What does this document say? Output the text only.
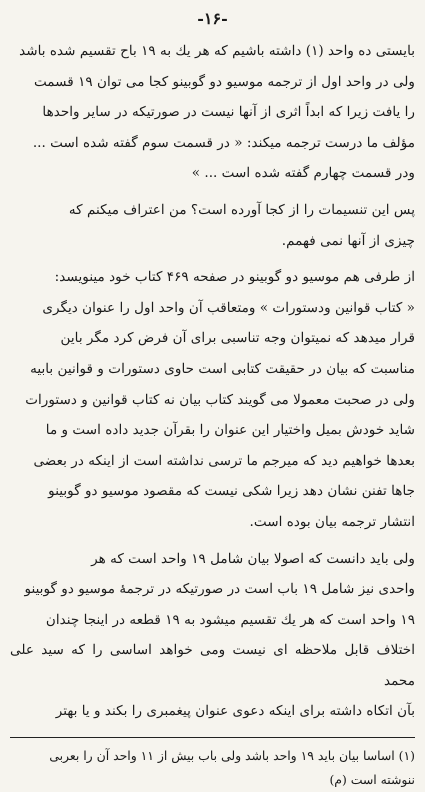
-١۶-

بایستی ده واحد (١) داشته باشیم که هر یك به ١٩ باح تقسیم شده باشد
ولی در واحد اول از ترجمه موسیو دو گوبینو کجا می توان ١٩ قسمت
را یافت زیرا که ابداً اثری از آنها نیست در صورتیکه در سایر واحدها
مؤلف ما درست ترجمه میکند: « در قسمت سوم گفته شده است ...
ودر قسمت چهارم گفته شده است ... »

پس این تنسیمات را از کجا آورده است؟ من اعتراف میکنم که
چیزی از آنها نمی فهمم.

از طرفی هم موسیو دو گوبینو در صفحه ۴۶۹ کتاب خود مینویسد:
« کتاب قوانین ودستورات » ومتعاقب آن واحد اول را عنوان دیگری
قرار میدهد که نمیتوان وجه تناسبی برای آن فرض کرد مگر باین
مناسبت که بیان در حقیقت کتابی است حاوی دستورات و قوانین بابیه
ولی در صحبت معمولا می گویند کتاب بیان نه کتاب قوانین و دستورات
شاید خودش بمیل واختیار این عنوان را بقرآن جدید داده است و ما
بعدها خواهیم دید که میرجم ما ترسی نداشته است از اینکه در بعضی
جاها تفنن نشان دهد زیرا شکی نیست که مقصود موسیو دو گوبینو
انتشار ترجمه بیان بوده است.

ولی باید دانست که اصولا بیان شامل ١٩ واحد است که هر
واحدی نیز شامل ١٩ باب است در صورتیکه در ترجمهٔ موسیو دو گوبینو
١٩ واحد است که هر یك تقسیم میشود به ١٩ قطعه در اینجا چندان
اختلاف قابل ملاحظه ای نیست ومی خواهد اساسی را که سید علی محمد
بآن اتکاه داشته برای اینکه دعوی عنوان پیغمبری را بکند و یا بهتر

(١) اساسا بیان باید ١٩ واحد باشد ولی باب بیش از ١١ واحد آن را بعربی
ننوشته است (م)
